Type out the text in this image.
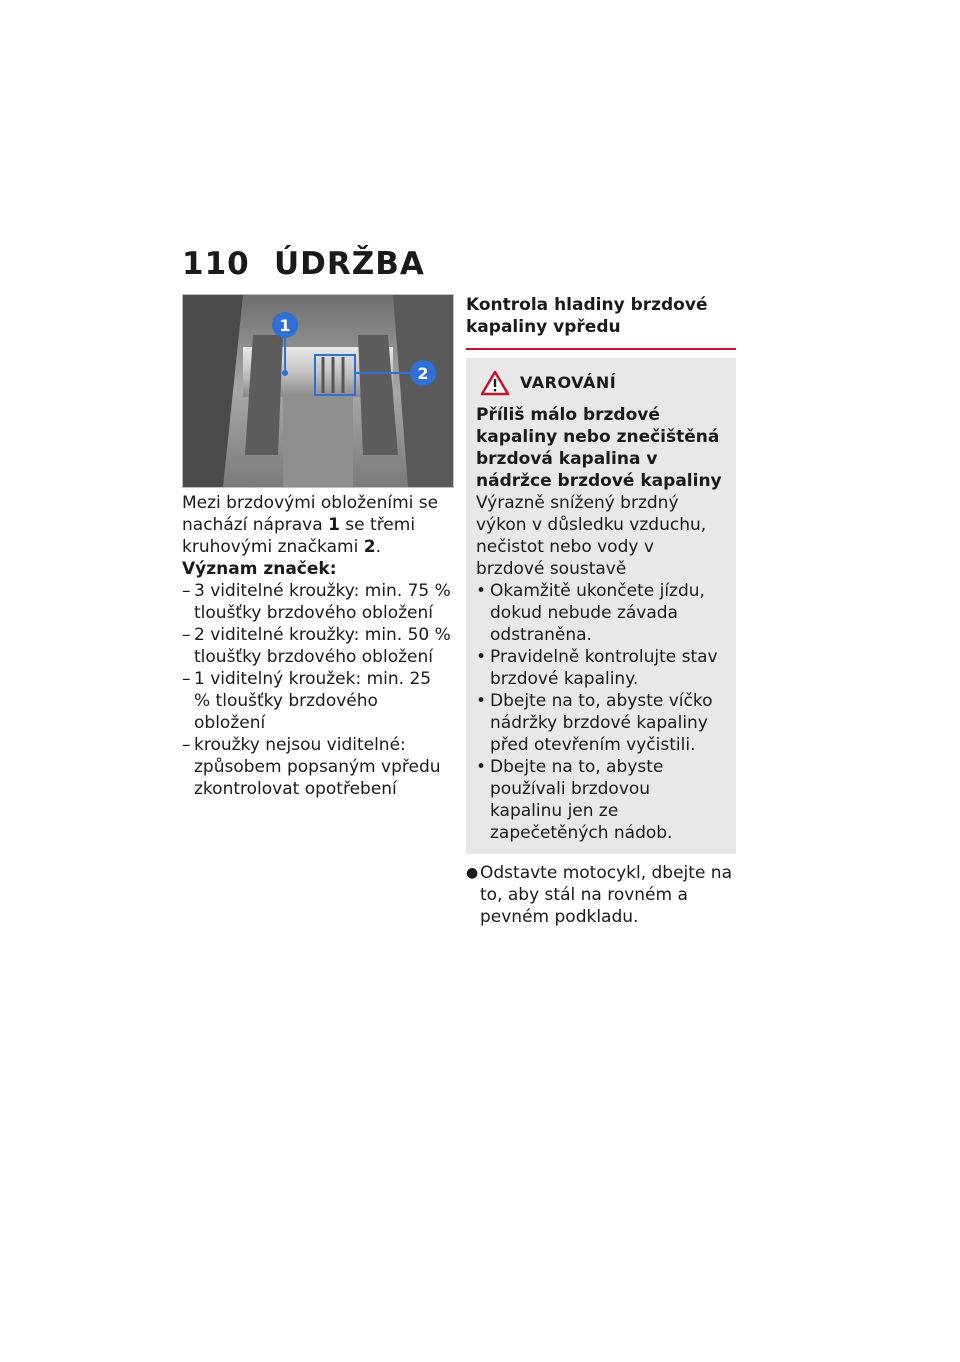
110 ÚDRŽBA
1
2

Mezi brzdovými obloženími se nachází náprava 1 se třemi kruhovými značkami 2.

Význam značek:

– 3 viditelné kroužky: min. 75 % tloušťky brzdového obložení
– 2 viditelné kroužky: min. 50 % tloušťky brzdového obložení
– 1 viditelný kroužek: min. 25 % tloušťky brzdového obložení
– kroužky nejsou viditelné: způsobem popsaným vpředu zkontrolovat opotřebení
Kontrola hladiny brzdové kapaliny vpředu
VAROVÁNÍ

Příliš málo brzdové kapaliny nebo znečištěná brzdová kapalina v nádržce brzdové kapaliny

Výrazně snížený brzdný výkon v důsledku vzduchu, nečistot nebo vody v brzdové soustavě

• Okamžitě ukončete jízdu, dokud nebude závada odstraněna.
• Pravidelně kontrolujte stav brzdové kapaliny.
• Dbejte na to, abyste víčko nádržky brzdové kapaliny před otevřením vyčistili.
• Dbejte na to, abyste používali brzdovou kapalinu jen ze zapečetěných nádob.
● Odstavte motocykl, dbejte na to, aby stál na rovném a pevném podkladu.
